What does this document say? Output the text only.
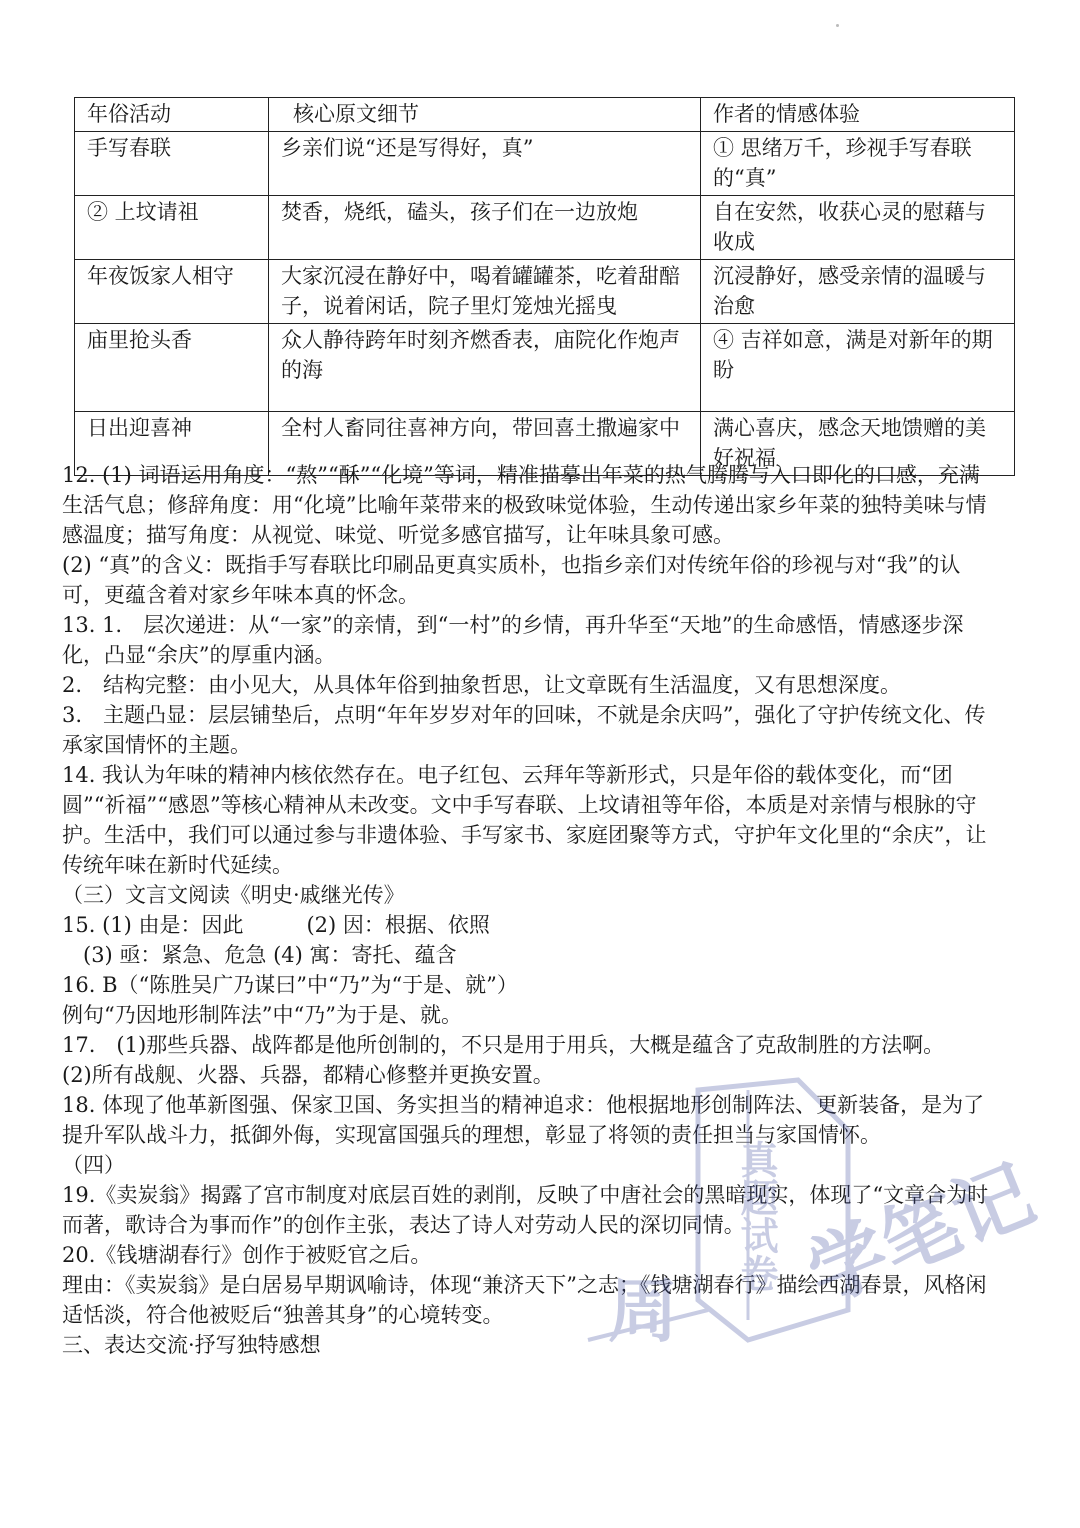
年俗活动	核心原文细节	作者的情感体验
手写春联	乡亲们说“还是写得好，真”	① 思绪万千，珍视手写春联的“真”
② 上坟请祖	焚香，烧纸，磕头，孩子们在一边放炮	自在安然，收获心灵的慰藉与收成
年夜饭家人相守	大家沉浸在静好中，喝着罐罐茶，吃着甜醅子，说着闲话，院子里灯笼烛光摇曳	沉浸静好，感受亲情的温暖与治愈
庙里抢头香	众人静待跨年时刻齐燃香表，庙院化作炮声的海	④ 吉祥如意，满是对新年的期盼
日出迎喜神	全村人畜同往喜神方向，带回喜土撒遍家中	满心喜庆，感念天地馈赠的美好祝福

12. (1) 词语运用角度：“熬”“酥”“化境”等词，精准描摹出年菜的热气腾腾与入口即化的口感，充满生活气息；修辞角度：用“化境”比喻年菜带来的极致味觉体验，生动传递出家乡年菜的独特美味与情感温度；描写角度：从视觉、味觉、听觉多感官描写，让年味具象可感。

(2) “真”的含义：既指手写春联比印刷品更真实质朴，也指乡亲们对传统年俗的珍视与对“我”的认可，更蕴含着对家乡年味本真的怀念。

13. 1.　层次递进：从“一家”的亲情，到“一村”的乡情，再升华至“天地”的生命感悟，情感逐步深化，凸显“余庆”的厚重内涵。

2.　结构完整：由小见大，从具体年俗到抽象哲思，让文章既有生活温度，又有思想深度。

3.　主题凸显：层层铺垫后，点明“年年岁岁对年的回味，不就是余庆吗”，强化了守护传统文化、传承家国情怀的主题。

14. 我认为年味的精神内核依然存在。电子红包、云拜年等新形式，只是年俗的载体变化，而“团圆”“祈福”“感恩”等核心精神从未改变。文中手写春联、上坟请祖等年俗，本质是对亲情与根脉的守护。生活中，我们可以通过参与非遗体验、手写家书、家庭团聚等方式，守护年文化里的“余庆”，让传统年味在新时代延续。

（三）文言文阅读《明史·戚继光传》

15. (1) 由是：因此　　　(2) 因：根据、依照

　(3) 亟：紧急、危急 (4) 寓：寄托、蕴含

16. B（“陈胜吴广乃谋曰”中“乃”为“于是、就”）

例句“乃因地形制阵法”中“乃”为于是、就。

17.　(1)那些兵器、战阵都是他所创制的，不只是用于用兵，大概是蕴含了克敌制胜的方法啊。

(2)所有战舰、火器、兵器，都精心修整并更换安置。

18. 体现了他革新图强、保家卫国、务实担当的精神追求：他根据地形创制阵法、更新装备，是为了提升军队战斗力，抵御外侮，实现富国强兵的理想，彰显了将领的责任担当与家国情怀。

（四）

19.《卖炭翁》揭露了宫市制度对底层百姓的剥削，反映了中唐社会的黑暗现实，体现了“文章合为时而著，歌诗合为事而作”的创作主张，表达了诗人对劳动人民的深切同情。

20.《钱塘湖春行》创作于被贬官之后。

理由：《卖炭翁》是白居易早期讽喻诗，体现“兼济天下”之志；《钱塘湖春行》描绘西湖春景，风格闲适恬淡，符合他被贬后“独善其身”的心境转变。

三、表达交流·抒写独特感想	周
真题试卷 学笔记
